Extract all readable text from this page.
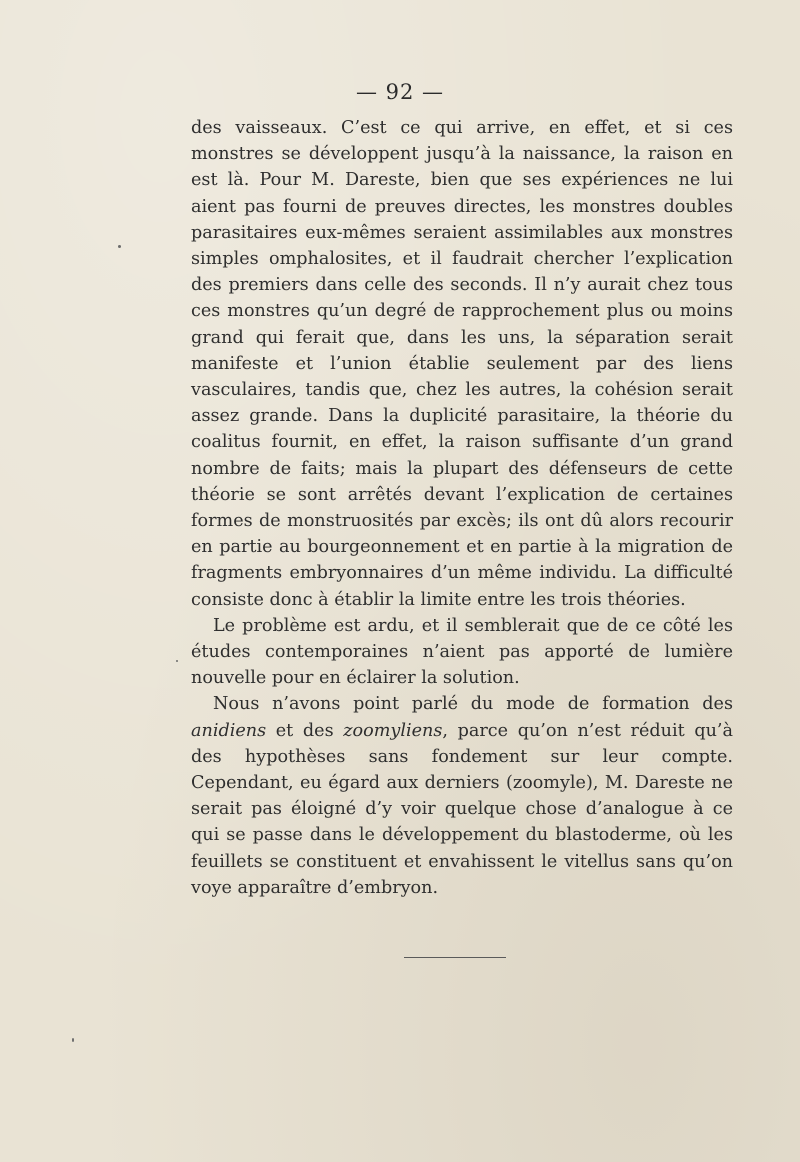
— 92 —

des vaisseaux. C’est ce qui arrive, en effet, et si ces monstres se développent jusqu’à la naissance, la raison en est là. Pour M. Dareste, bien que ses expériences ne lui aient pas fourni de preuves directes, les monstres doubles parasitaires eux-mêmes seraient assimilables aux monstres simples omphalosites, et il faudrait chercher l’explication des premiers dans celle des seconds. Il n’y aurait chez tous ces monstres qu’un degré de rapprochement plus ou moins grand qui ferait que, dans les uns, la séparation serait manifeste et l’union établie seulement par des liens vasculaires, tandis que, chez les autres, la cohésion serait assez grande. Dans la duplicité parasitaire, la théorie du coalitus fournit, en effet, la raison suffisante d’un grand nombre de faits; mais la plupart des défenseurs de cette théorie se sont arrêtés devant l’explication de certaines formes de monstruosités par excès; ils ont dû alors recourir en partie au bourgeonnement et en partie à la migration de fragments embryonnaires d’un même individu. La difficulté consiste donc à établir la limite entre les trois théories.

Le problème est ardu, et il semblerait que de ce côté les études contemporaines n’aient pas apporté de lumière nouvelle pour en éclairer la solution.

Nous n’avons point parlé du mode de formation des anidiens et des zoomyliens, parce qu’on n’est réduit qu’à des hypothèses sans fondement sur leur compte. Cependant, eu égard aux derniers (zoomyle), M. Dareste ne serait pas éloigné d’y voir quelque chose d’analogue à ce qui se passe dans le développement du blastoderme, où les feuillets se constituent et envahissent le vitellus sans qu’on voye apparaître d’embryon.
